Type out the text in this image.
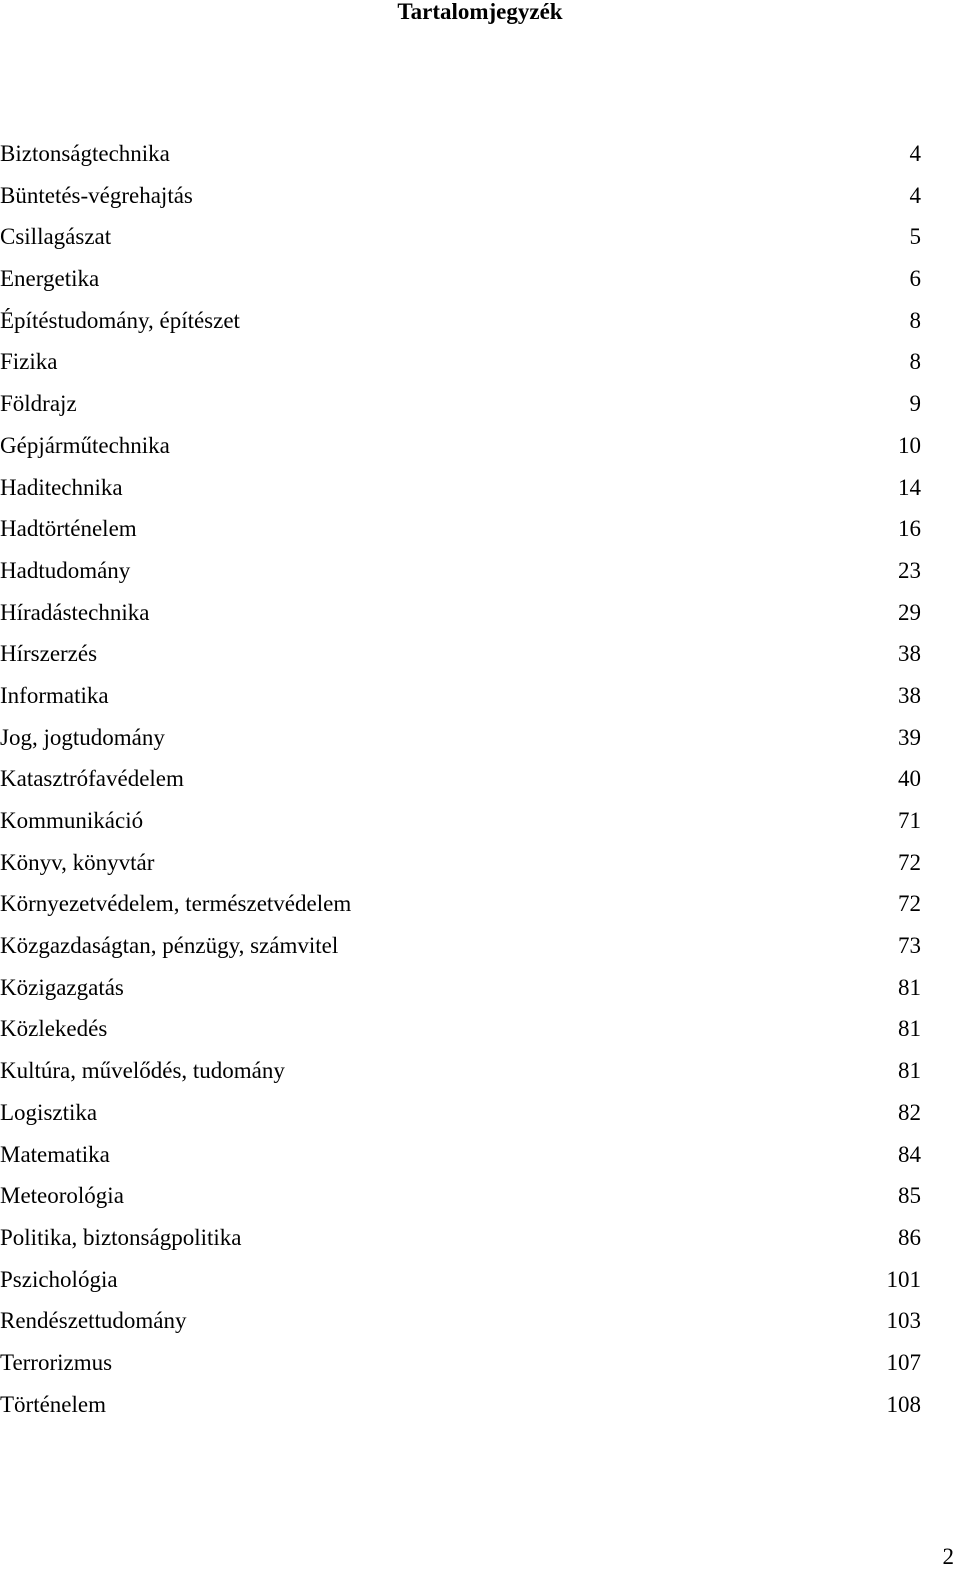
Tartalomjegyzék
Biztonságtechnika	4
Büntetés-végrehajtás	4
Csillagászat	5
Energetika	6
Építéstudomány, építészet	8
Fizika	8
Földrajz	9
Gépjárműtechnika	10
Haditechnika	14
Hadtörténelem	16
Hadtudomány	23
Híradástechnika	29
Hírszerzés	38
Informatika	38
Jog, jogtudomány	39
Katasztrófavédelem	40
Kommunikáció	71
Könyv, könyvtár	72
Környezetvédelem, természetvédelem	72
Közgazdaságtan, pénzügy, számvitel	73
Közigazgatás	81
Közlekedés	81
Kultúra, művelődés, tudomány	81
Logisztika	82
Matematika	84
Meteorológia	85
Politika, biztonságpolitika	86
Pszichológia	101
Rendészettudomány	103
Terrorizmus	107
Történelem	108
2
